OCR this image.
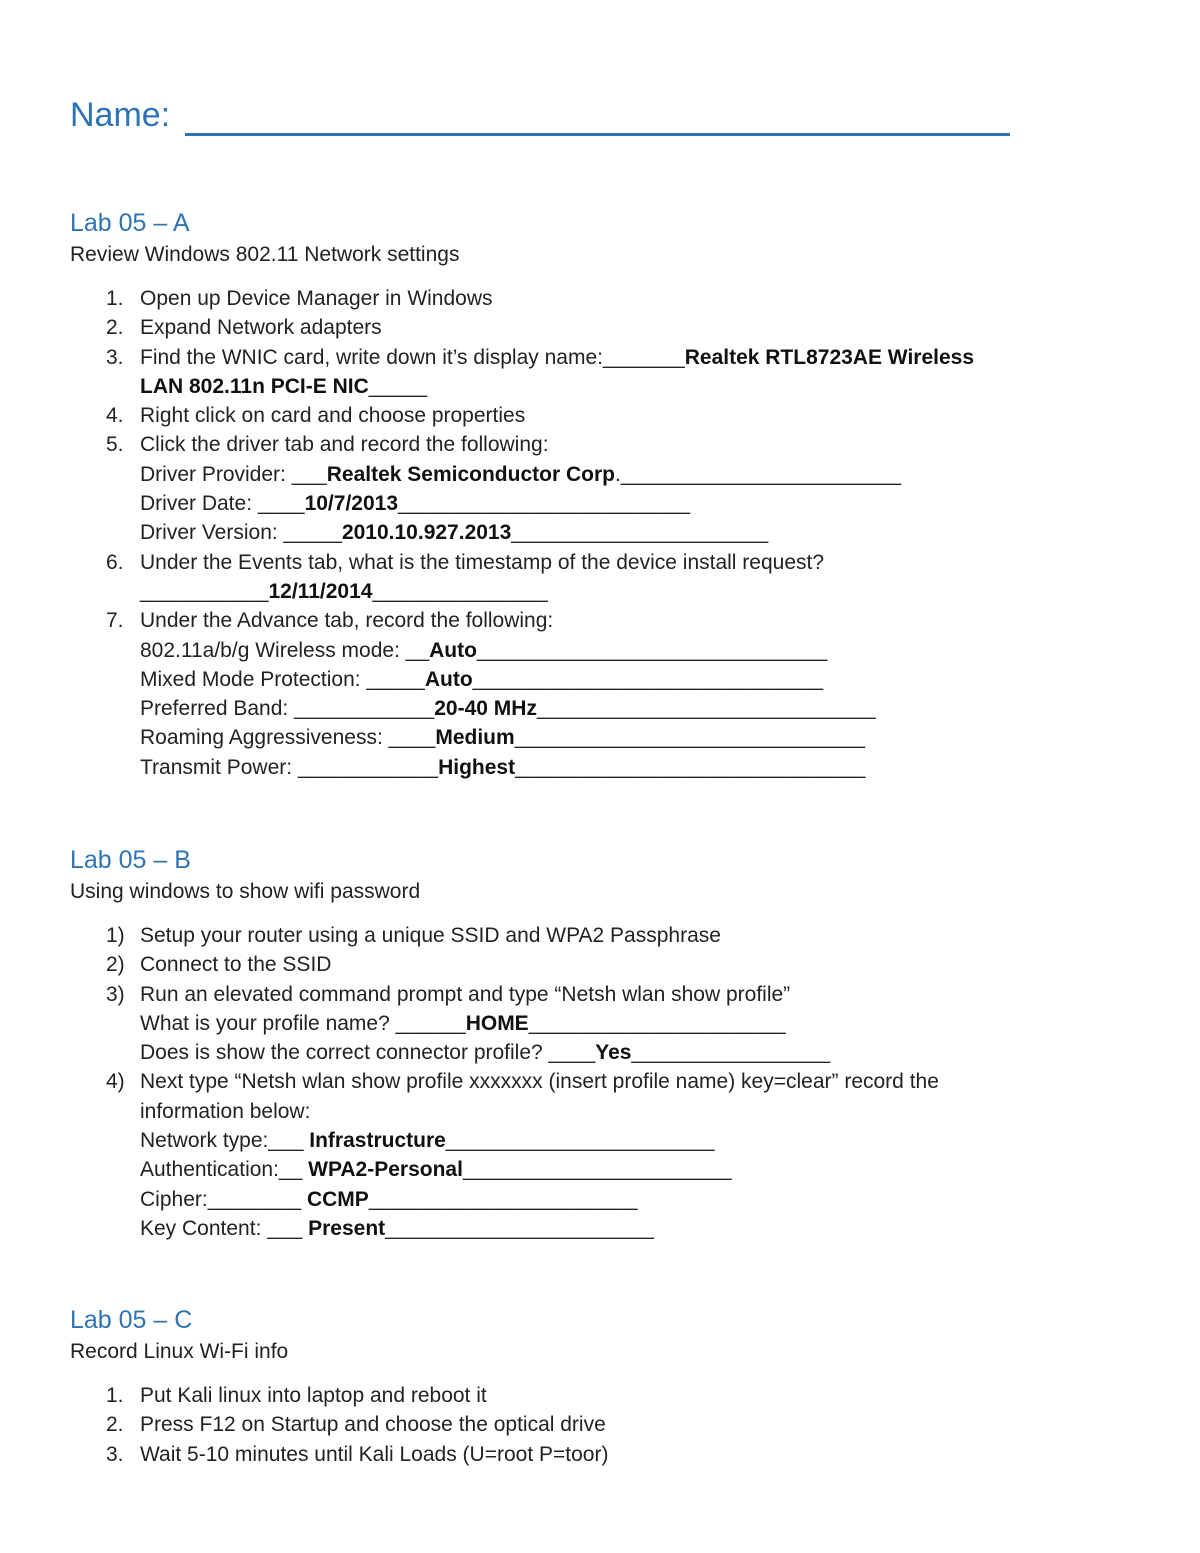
Name:
Lab 05 – A
Review Windows 802.11 Network settings
1. Open up Device Manager in Windows
2. Expand Network adapters
3. Find the WNIC card, write down it’s display name:_______Realtek RTL8723AE Wireless
LAN 802.11n PCI-E NIC_____
4. Right click on card and choose properties
5. Click the driver tab and record the following:
Driver Provider: ___Realtek Semiconductor Corp.________________________
Driver Date: ____10/7/2013_________________________
Driver Version: _____2010.10.927.2013______________________
6. Under the Events tab, what is the timestamp of the device install request?
___________12/11/2014_______________
7. Under the Advance tab, record the following:
802.11a/b/g Wireless mode: __Auto______________________________
Mixed Mode Protection: _____Auto______________________________
Preferred Band: ____________20-40 MHz_____________________________
Roaming Aggressiveness: ____Medium______________________________
Transmit Power: ____________Highest______________________________
Lab 05 – B
Using windows to show wifi password
1) Setup your router using a unique SSID and WPA2 Passphrase
2) Connect to the SSID
3) Run an elevated command prompt and type “Netsh wlan show profile”
What is your profile name? ______HOME______________________
Does is show the correct connector profile? ____Yes_________________
4) Next type “Netsh wlan show profile xxxxxxx (insert profile name) key=clear” record the
information below:
Network type:___ Infrastructure_______________________
Authentication:__ WPA2-Personal_______________________
Cipher:________ CCMP_______________________
Key Content: ___ Present_______________________
Lab 05 – C
Record Linux Wi-Fi info
1. Put Kali linux into laptop and reboot it
2. Press F12 on Startup and choose the optical drive
3. Wait 5-10 minutes until Kali Loads (U=root P=toor)
